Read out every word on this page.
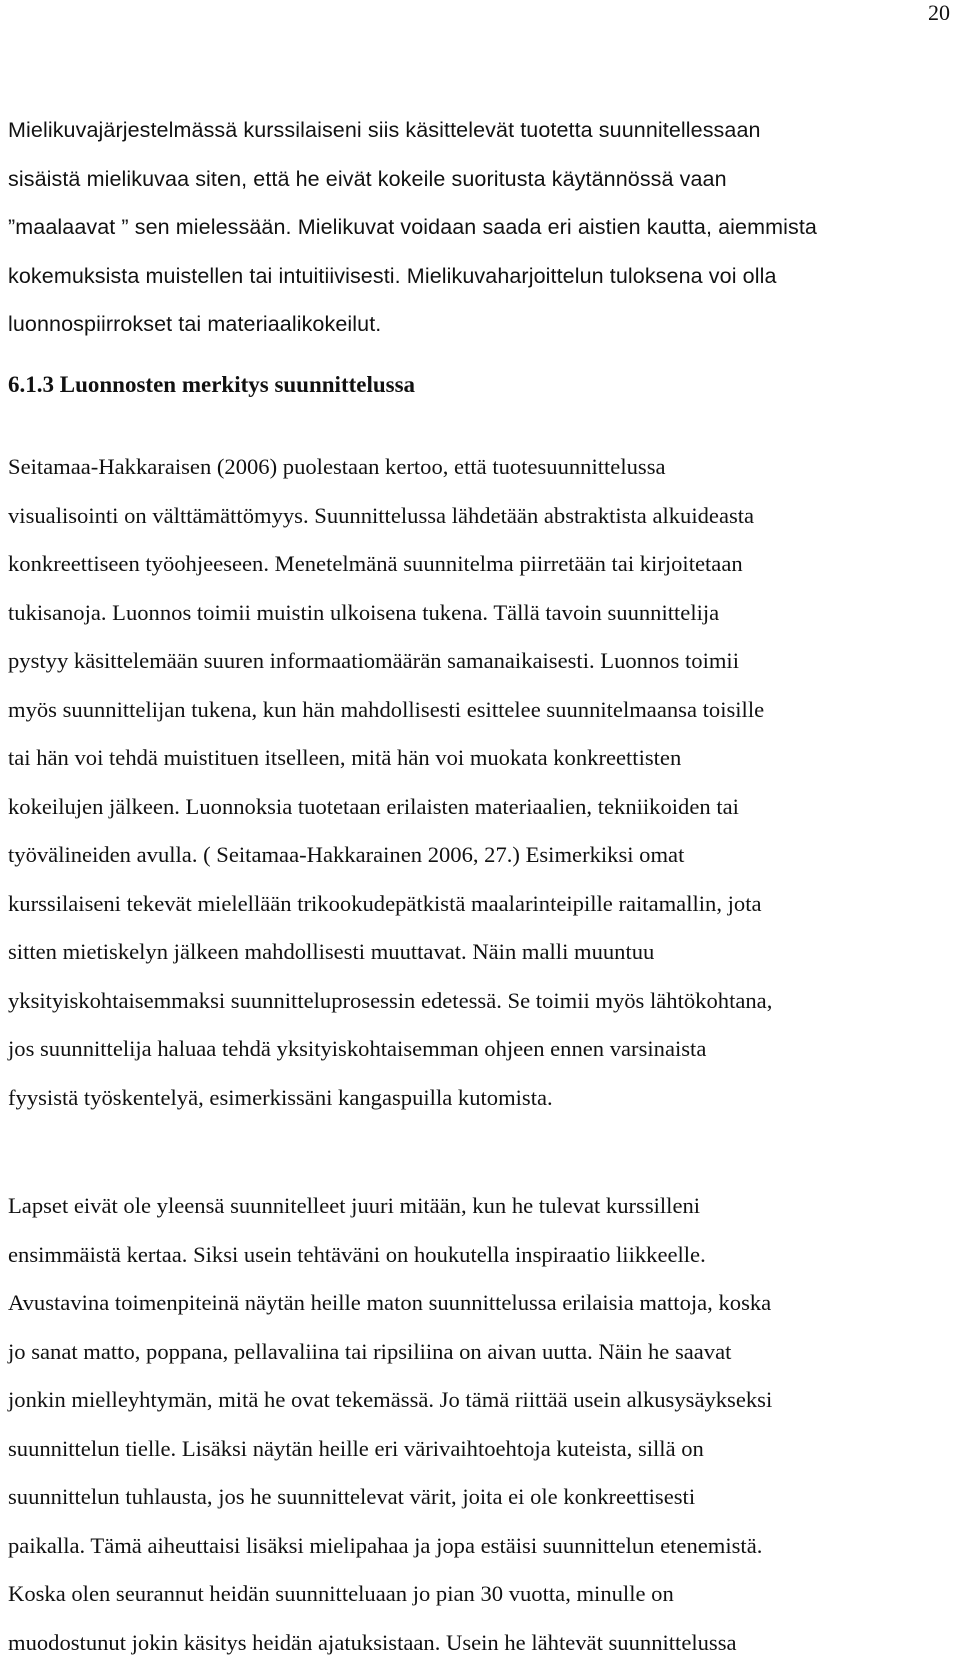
20
Mielikuvajärjestelmässä kurssilaiseni siis käsittelevät tuotetta suunnitellessaan
sisäistä mielikuvaa siten, että he eivät kokeile suoritusta käytännössä vaan
”maalaavat ” sen mielessään. Mielikuvat voidaan saada eri aistien kautta, aiemmista
kokemuksista muistellen tai intuitiivisesti. Mielikuvaharjoittelun tuloksena voi olla
luonnospiirrokset tai materiaalikokeilut.
6.1.3 Luonnosten merkitys suunnittelussa
Seitamaa-Hakkaraisen (2006) puolestaan kertoo, että tuotesuunnittelussa
visualisointi on välttämättömyys. Suunnittelussa lähdetään abstraktista alkuideasta
konkreettiseen työohjeeseen. Menetelmänä suunnitelma piirretään tai kirjoitetaan
tukisanoja. Luonnos toimii muistin ulkoisena tukena. Tällä tavoin suunnittelija
pystyy käsittelemään suuren informaatiomäärän samanaikaisesti. Luonnos toimii
myös suunnittelijan tukena, kun hän mahdollisesti esittelee suunnitelmaansa toisille
tai hän voi tehdä muistituen itselleen, mitä hän voi muokata konkreettisten
kokeilujen jälkeen. Luonnoksia tuotetaan erilaisten materiaalien, tekniikoiden tai
työvälineiden avulla. ( Seitamaa-Hakkarainen 2006, 27.) Esimerkiksi omat
kurssilaiseni tekevät mielellään trikookudepätkistä maalarinteipille raitamallin, jota
sitten mietiskelyn jälkeen mahdollisesti muuttavat. Näin malli muuntuu
yksityiskohtaisemmaksi suunnitteluprosessin edetessä. Se toimii myös lähtökohtana,
jos suunnittelija haluaa tehdä yksityiskohtaisemman ohjeen ennen varsinaista
fyysistä työskentelyä, esimerkissäni kangaspuilla kutomista.
Lapset eivät ole yleensä suunnitelleet juuri mitään, kun he tulevat kurssilleni
ensimmäistä kertaa. Siksi usein tehtäväni on houkutella inspiraatio liikkeelle.
Avustavina toimenpiteinä näytän heille maton suunnittelussa erilaisia mattoja, koska
jo sanat matto, poppana, pellavaliina tai ripsiliina on aivan uutta. Näin he saavat
jonkin mielleyhtymän, mitä he ovat tekemässä. Jo tämä riittää usein alkusysäykseksi
suunnittelun tielle. Lisäksi näytän heille eri värivaihtoehtoja kuteista, sillä on
suunnittelun tuhlausta, jos he suunnittelevat värit, joita ei ole konkreettisesti
paikalla. Tämä aiheuttaisi lisäksi mielipahaa ja jopa estäisi suunnittelun etenemistä.
Koska olen seurannut heidän suunnitteluaan jo pian 30 vuotta, minulle on
muodostunut jokin käsitys heidän ajatuksistaan. Usein he lähtevät suunnittelussa
